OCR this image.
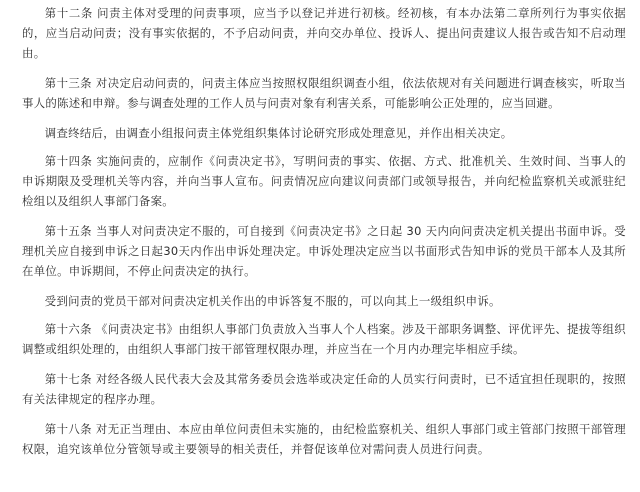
第十二条 问责主体对受理的问责事项，应当予以登记并进行初核。经初核，有本办法第二章所列行为事实依据的，应当启动问责；没有事实依据的，不予启动问责，并向交办单位、投诉人、提出问责建议人报告或告知不启动理由。

第十三条 对决定启动问责的，问责主体应当按照权限组织调查小组，依法依规对有关问题进行调查核实，听取当事人的陈述和申辩。参与调查处理的工作人员与问责对象有利害关系，可能影响公正处理的，应当回避。

调查终结后，由调查小组报问责主体党组织集体讨论研究形成处理意见，并作出相关决定。

第十四条 实施问责的，应制作《问责决定书》，写明问责的事实、依据、方式、批准机关、生效时间、当事人的申诉期限及受理机关等内容，并向当事人宣布。问责情况应向建议问责部门或领导报告，并向纪检监察机关或派驻纪检组以及组织人事部门备案。

第十五条 当事人对问责决定不服的，可自接到《问责决定书》之日起 30 天内向问责决定机关提出书面申诉。受理机关应自接到申诉之日起30天内作出申诉处理决定。申诉处理决定应当以书面形式告知申诉的党员干部本人及其所在单位。申诉期间，不停止问责决定的执行。

受到问责的党员干部对问责决定机关作出的申诉答复不服的，可以向其上一级组织申诉。

第十六条 《问责决定书》由组织人事部门负责放入当事人个人档案。涉及干部职务调整、评优评先、提拔等组织调整或组织处理的，由组织人事部门按干部管理权限办理，并应当在一个月内办理完毕相应手续。

第十七条 对经各级人民代表大会及其常务委员会选举或决定任命的人员实行问责时，已不适宜担任现职的，按照有关法律规定的程序办理。

第十八条 对无正当理由、本应由单位问责但未实施的，由纪检监察机关、组织人事部门或主管部门按照干部管理权限，追究该单位分管领导或主要领导的相关责任，并督促该单位对需问责人员进行问责。
